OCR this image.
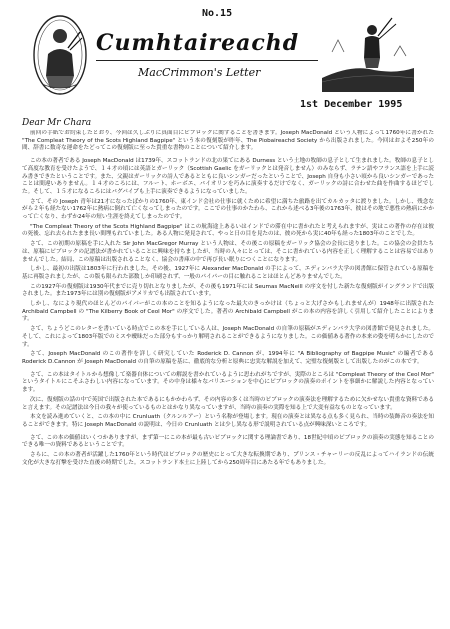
No.15
Cumhtaireachd
MacCrimmon's Letter
1st December 1995
Dear Mr Chara

前回の手紙でお約束したとおり、今回は久しぶりに真面目にピブロックに関することを書きます。Joseph MacDonald という人物によって1760年に書かれた "The Compleat Theory of the Scots Highland Bagpipe" という本の復刻版が昨年、The Piobaireachd Society から出版されました。今回はおよそ250年の間、辞書に数奇な運命をたどってこの復刻版に至った貴重な書物のことについて紹介します。

この本の著者である Joseph MacDonald は1739年、スコットランドの北の果てにある Durness という土地の牧師の息子として生まれました。牧師の息子として高度な教育を受けたようで、１４才の頃には英語とガーリック（Scottish Gaelic をガーリックとは発音しません）のみならず、ラテン語やフランス語を上手に読み書きできたということです。また、父親はガーリックの詩人であるとともに良いシンガーだったということで、Joseph 自身も小さい頃から良いシンガーであったことは間違いありません。１４才のころには、フルート、ホーボエ、バイオリンを巧みに演奏するだけでなく、ガーリックの詩に合わせた曲を作曲するほどでした。そして、１５才になるころにはバグパイプも上手に演奏できるようになっていました。

さて、その Joseph 青年は21才になったばかりの1760年、東インド会社の仕事に就くために希望に満ちた旅路を出てカルカッタに渡りました。しかし、残念ながら２年も経たない1762年に熱病に倒れて亡くなってしまったのです。ここでの仕事のかたわら、これから述べる3年後の1763年、彼はその地で悪性の熱病にかかって亡くなり、わずか24年の短い生涯を終えてしまったのです。

"The Compleat Theory of the Scots Highland Bagpipe" はこの航海途上あるいはインドでの滞在中に書かれたと考えられますが、実はこの著作の存在は彼の死後、忘れ去られたまま長い間埋もれていました。ある人物に発見されて、やっと日の目を見たのは、彼の死から実に40年も経った1803年のことでした。

さて、この初期の原稿を手に入れた Sir John MacGregor Murray という人物は、その後この原稿をガーリック協会の会長に送りました。この協会の会員たちは、原稿にピブロックの記譜法が書かれていることに興味を持ちましたが、当時の人々にとっては、そこに書かれている内容を正しく理解することは容易ではありませんでした。結局、この原稿は出版されることなく、協会の書庫の中で再び長い眠りにつくことになります。

しかし、最初の出版は1803年に行われました。その後、1927年に Alexander MacDonald の手によって、エディンバラ大学の図書館に保管されている原稿を基に再版されましたが、この版も限られた部数しか印刷されず、一般のパイパーの目に触れることはほとんどありませんでした。

この1927年の復刻版は1930年代までに売り切れとなりましたが、その後も1971年には Seumas MacNeill の序文を付した新たな復刻版がイングランドで出版されました。また1973年には別の復刻版がアメリカでも出版されています。

しかし、なにより現代のほとんどのパイパーがこの本のことを知るようになった最大のきっかけは（ちょっと大げさかもしれませんが）1948年に出版された Archibald Campbell の "The Kilberry Book of Ceol Mor" の序文でした。著者の Archibald Campbell がこの本の内容を詳しく引用して紹介したことによります。

さて、ちょうどこのレターを書いている時点でこの本を手にしている人は、Joseph MacDonald の自筆の原稿がエディンバラ大学の図書館で発見されました。そして、これによって1803年版でのミスや曖昧だった部分もすっかり解明されることができるようになりました。この価値ある著作の本来の姿を明らかにしたのです。

さて、Joseph MacDonald のこの著作を詳しく研究していた Roderick D. Cannon が、1994年に "A Bibliography of Bagpipe Music" の編者である Roderick D.Cannon が Joseph MacDonald の自筆の原稿を基に、徹底的な分析と原典に忠実な解説を加えて、完璧な復刻版として出版したのがこの本です。

さて、この本はタイトルから想像して楽器自体についての解説を書かれているように思われがちですが、実際のところは "Compleat Theory of the Ceol Mor" というタイトルにこそふさわしい内容になっています。その中身は様々なバリエーションを中心にピブロックの演奏のポイントを事細かに解説した内容となっています。

次に、復刻版の話の中で英国で出版された本であるにもかかわらず、その内容の多くは当時のピブロックの演奏法を理解するために欠かせない貴重な資料であると言えます。その記譜法は今日の我々が使っているものとはかなり異なっていますが、当時の演奏の実際を知る上で大変有益なものとなっています。

本文を読み進めていくと、この本の中に Crunluath（クルンルアー）という名称が登場します。現在の演奏とは異なる点も多く見られ、当時の装飾音の奏法を知ることができます。特に Joseph MacDonald の説明は、今日の Crunluath とは少し異なる形で説明されている点が興味深いところです。

さて、この本の価値はいくつかありますが、まず第一にこの本が最も古いピブロックに関する理論書であり、18世紀中頃のピブロックの演奏の実態を知ることのできる唯一の資料であるということです。

さらに、この本の著者が活躍した1760年という時代はピブロックの歴史にとって大きな転換期であり、プリンス・チャーリーの反乱によってハイランドの伝統文化が大きな打撃を受けた直後の時期でした。スコットランド本土に上陸してから250周年目にあたる年でもありました。
